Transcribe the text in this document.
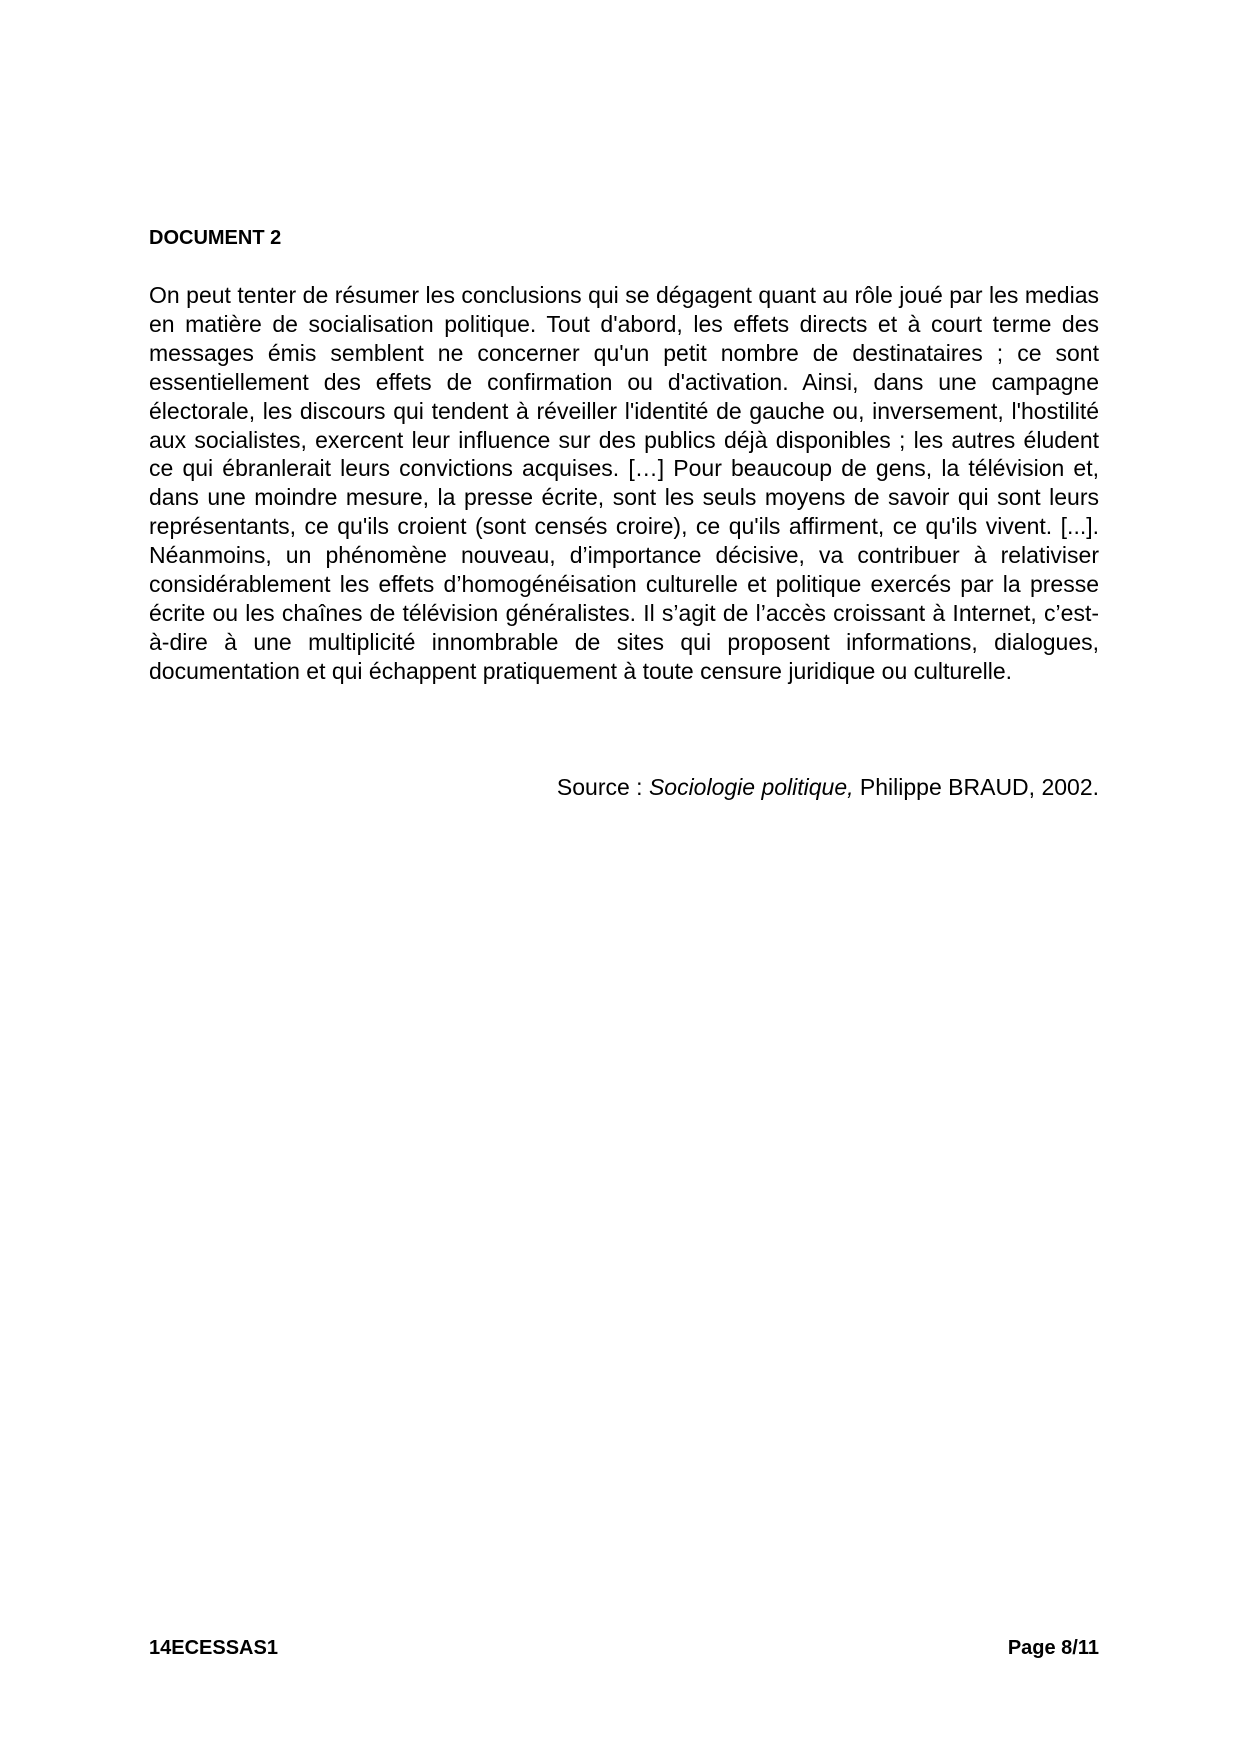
DOCUMENT 2

On peut tenter de résumer les conclusions qui se dégagent quant au rôle joué par les medias en matière de socialisation politique. Tout d'abord, les effets directs et à court terme des messages émis semblent ne concerner qu'un petit nombre de destinataires ; ce sont essentiellement des effets de confirmation ou d'activation. Ainsi, dans une campagne électorale, les discours qui tendent à réveiller l'identité de gauche ou, inversement, l'hostilité aux socialistes, exercent leur influence sur des publics déjà disponibles ; les autres éludent ce qui ébranlerait leurs convictions acquises. […] Pour beaucoup de gens, la télévision et, dans une moindre mesure, la presse écrite, sont les seuls moyens de savoir qui sont leurs représentants, ce qu'ils croient (sont censés croire), ce qu'ils affirment, ce qu'ils vivent. [...]. Néanmoins, un phénomène nouveau, d’importance décisive, va contribuer à relativiser considérablement les effets d’homogénéisation culturelle et politique exercés par la presse écrite ou les chaînes de télévision généralistes. Il s’agit de l’accès croissant à Internet, c’est-à-dire à une multiplicité innombrable de sites qui proposent informations, dialogues, documentation et qui échappent pratiquement à toute censure juridique ou culturelle.

Source : Sociologie politique, Philippe BRAUD, 2002.

14ECESSAS1	Page 8/11
